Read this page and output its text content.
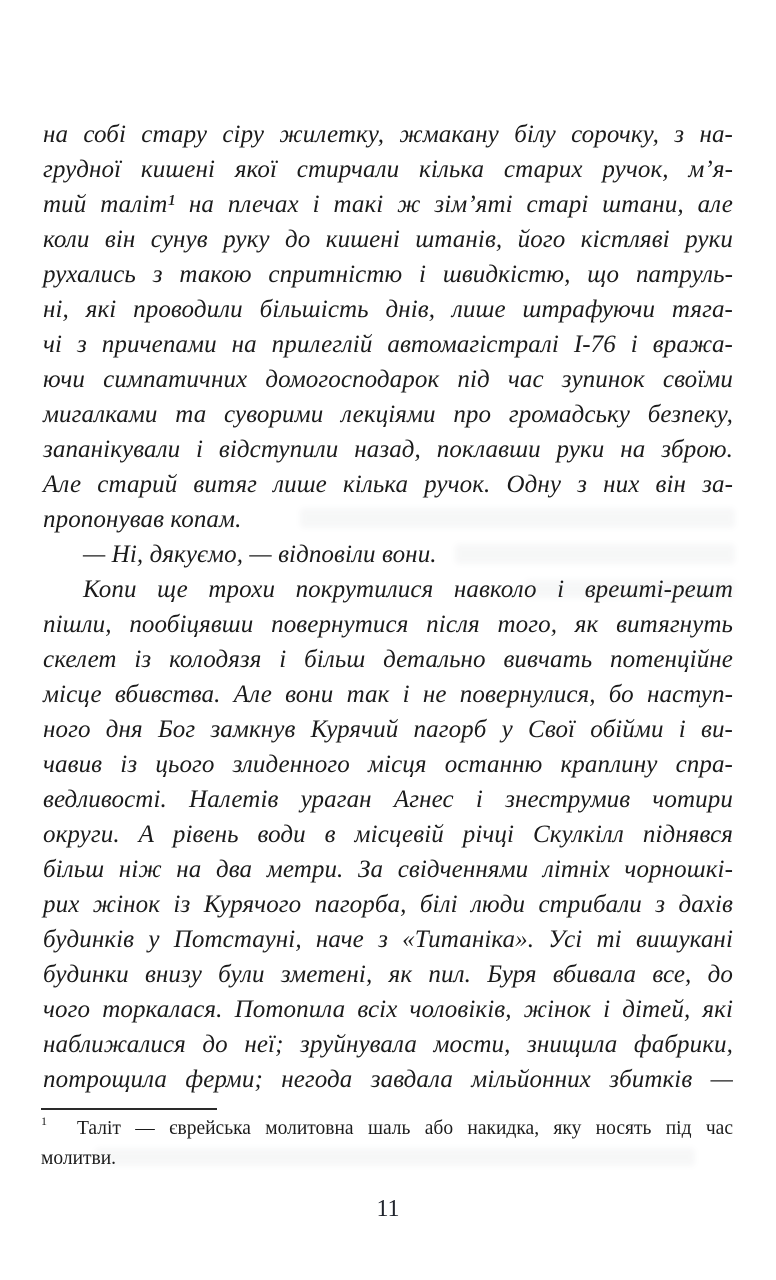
на собі стару сіру жилетку, жмакану білу сорочку, з на-
грудної кишені якої стирчали кілька старих ручок, м’я-
тий таліт¹ на плечах і такі ж зім’яті старі штани, але
коли він сунув руку до кишені штанів, його кістляві руки
рухались з такою спритністю і швидкістю, що патруль-
ні, які проводили більшість днів, лише штрафуючи тяга-
чі з причепами на прилеглій автомагістралі І-76 і вража-
ючи симпатичних домогосподарок під час зупинок своїми
мигалками та суворими лекціями про громадську безпеку,
запанікували і відступили назад, поклавши руки на зброю.
Але старий витяг лише кілька ручок. Одну з них він за-
пропонував копам.
— Ні, дякуємо, — відповіли вони.
Копи ще трохи покрутилися навколо і врешті-решт
пішли, пообіцявши повернутися після того, як витягнуть
скелет із колодязя і більш детально вивчать потенційне
місце вбивства. Але вони так і не повернулися, бо наступ-
ного дня Бог замкнув Курячий пагорб у Свої обійми і ви-
чавив із цього злиденного місця останню краплину спра-
ведливості. Налетів ураган Агнес і знеструмив чотири
округи. А рівень води в місцевій річці Скулкілл піднявся
більш ніж на два метри. За свідченнями літніх чорношкі-
рих жінок із Курячого пагорба, білі люди стрибали з дахів
будинків у Потстауні, наче з «Титаніка». Усі ті вишукані
будинки внизу були зметені, як пил. Буря вбивала все, до
чого торкалася. Потопила всіх чоловіків, жінок і дітей, які
наближалися до неї; зруйнувала мости, знищила фабрики,
потрощила ферми; негода завдала мільйонних збитків —
$^1$ Таліт — єврейська молитовна шаль або накидка, яку носять під час
молитви.
11
